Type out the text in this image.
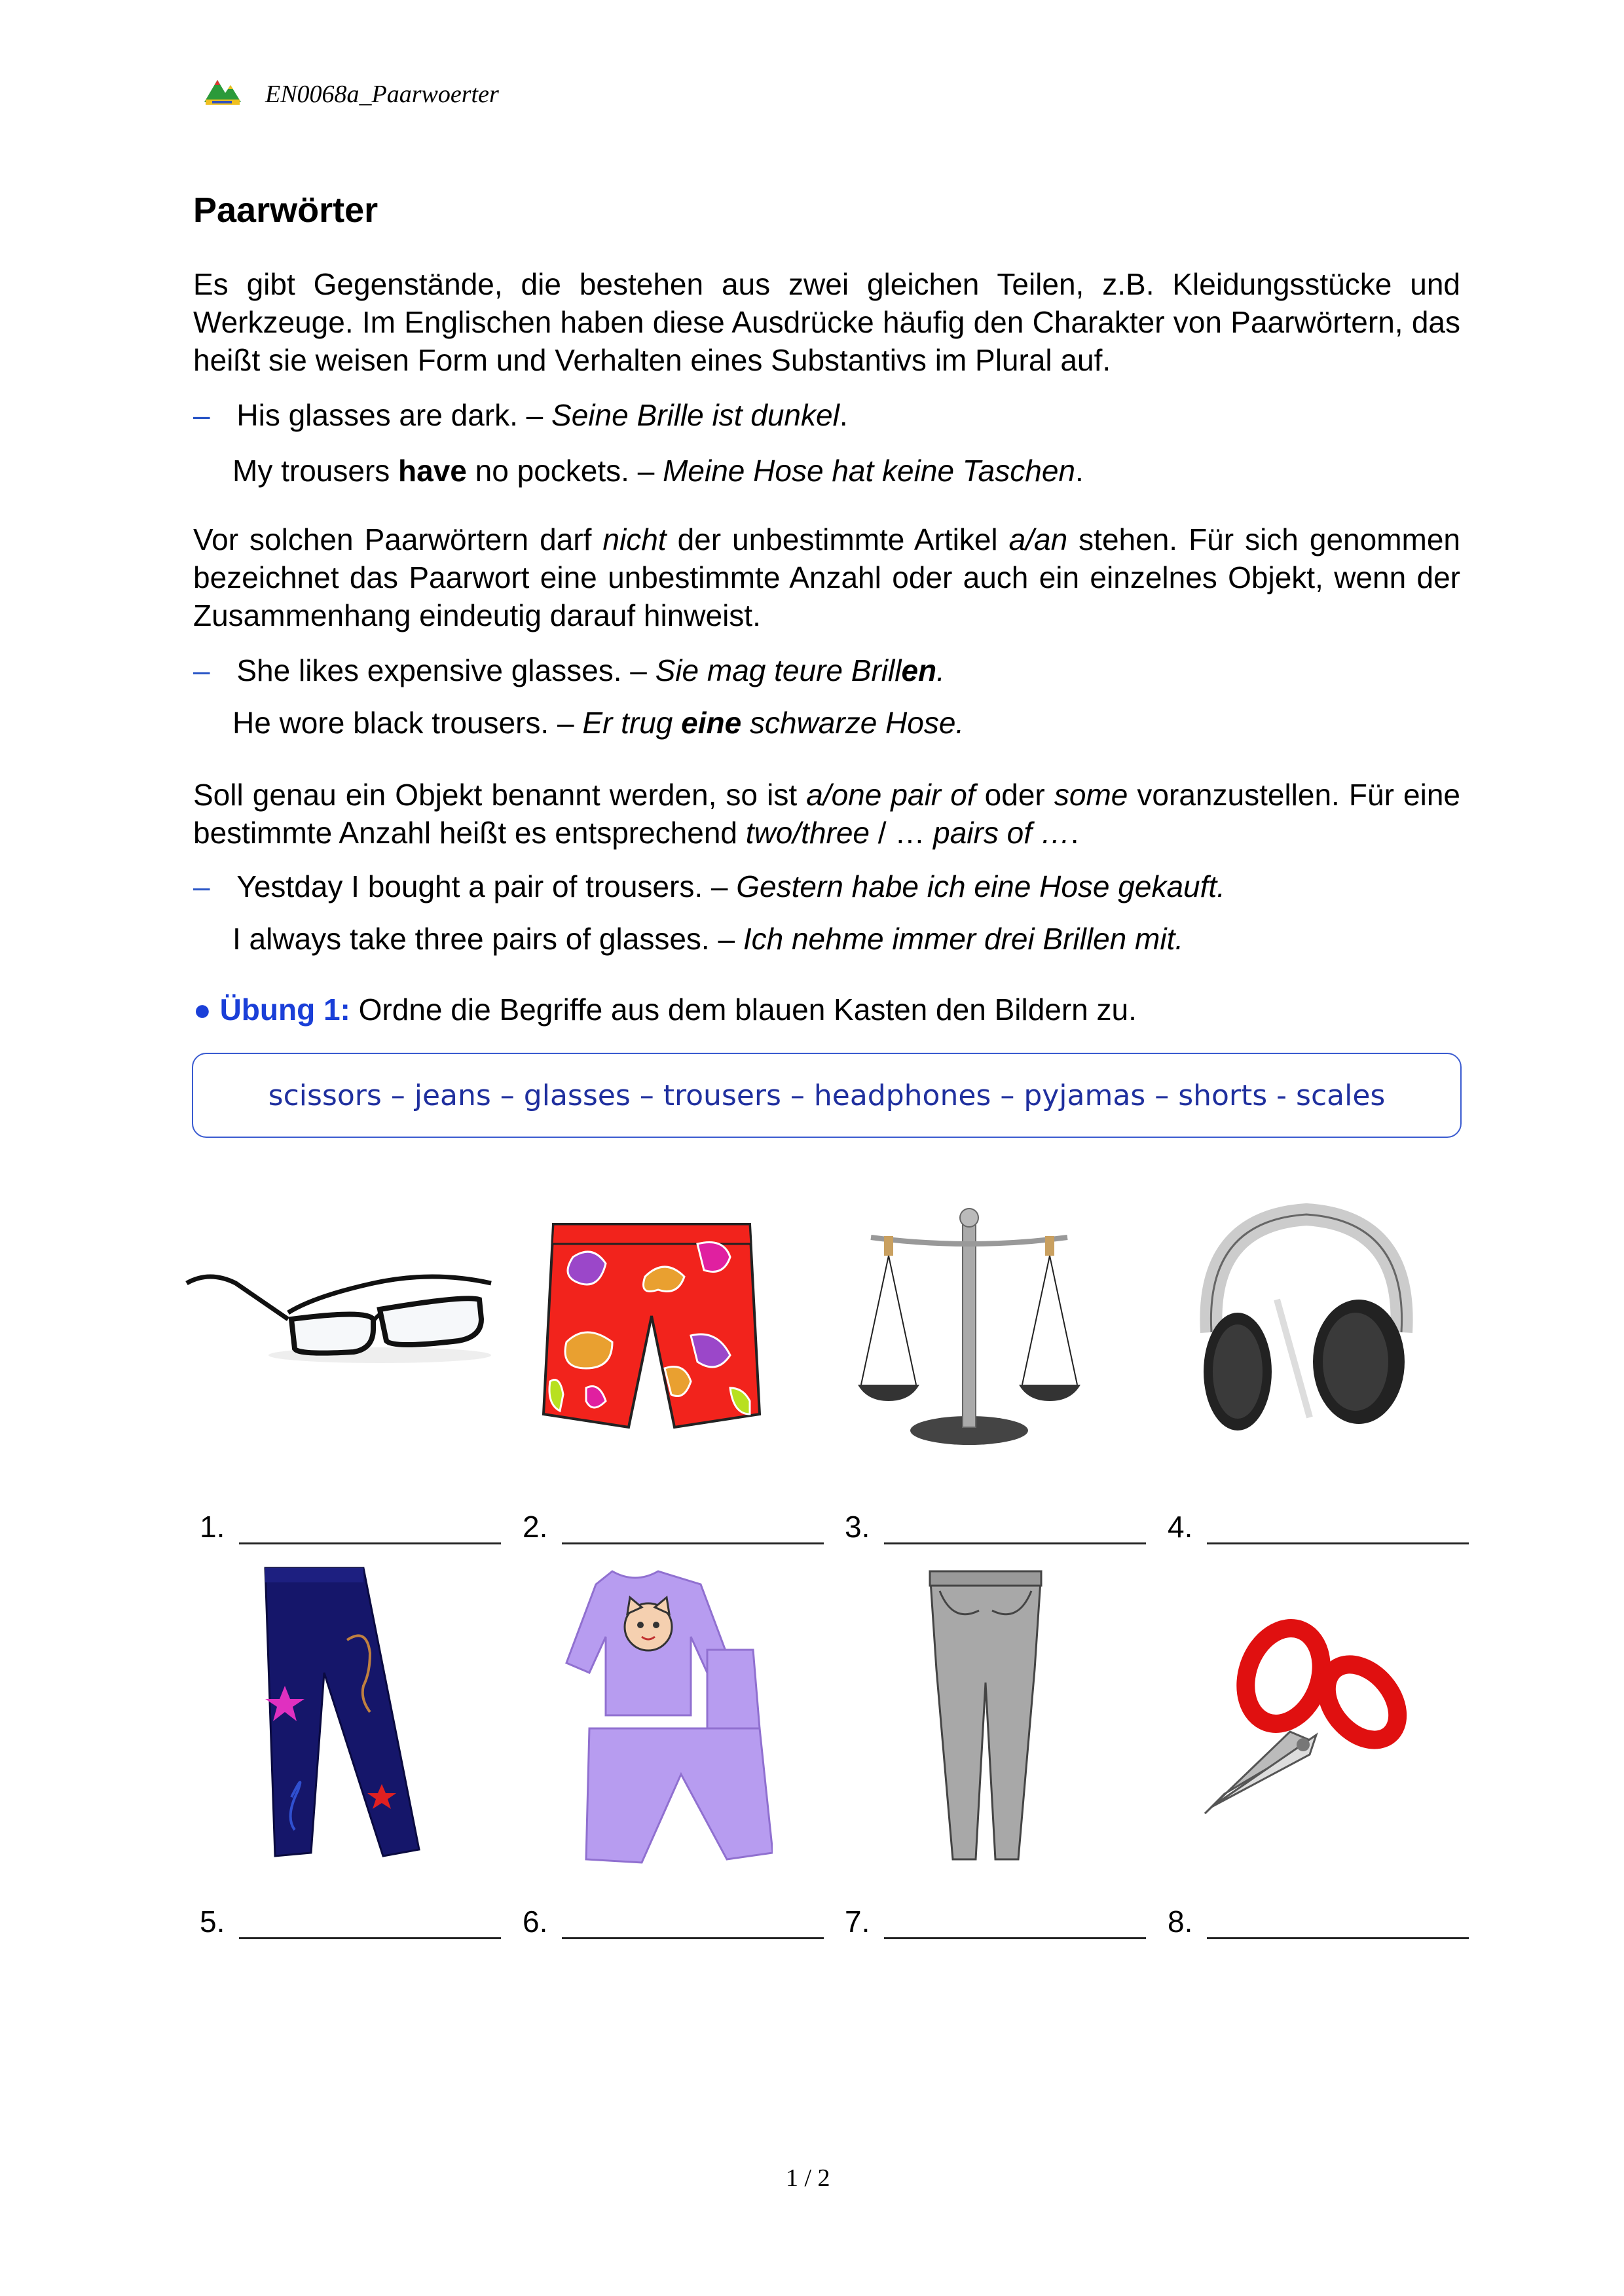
EN0068a_Paarwoerter
Paarwörter
Es gibt Gegenstände, die bestehen aus zwei gleichen Teilen, z.B. Kleidungsstücke und Werkzeuge. Im Englischen haben diese Ausdrücke häufig den Charakter von Paarwörtern, das heißt sie weisen Form und Verhalten eines Substantivs im Plural auf.
– His glasses are dark. – Seine Brille ist dunkel.
My trousers have no pockets. – Meine Hose hat keine Taschen.
Vor solchen Paarwörtern darf nicht der unbestimmte Artikel a/an stehen. Für sich genommen bezeichnet das Paarwort eine unbestimmte Anzahl oder auch ein einzelnes Objekt, wenn der Zusammenhang eindeutig darauf hinweist.
– She likes expensive glasses. – Sie mag teure Brillen.
He wore black trousers. – Er trug eine schwarze Hose.
Soll genau ein Objekt benannt werden, so ist a/one pair of oder some voranzustellen. Für eine bestimmte Anzahl heißt es entsprechend two/three / … pairs of ….
– Yestday I bought a pair of trousers. – Gestern habe ich eine Hose gekauft.
I always take three pairs of glasses. – Ich nehme immer drei Brillen mit.
● Übung 1: Ordne die Begriffe aus dem blauen Kasten den Bildern zu.
scissors – jeans – glasses – trousers – headphones – pyjamas – shorts - scales
1.	2.	3.	4.
5.	6.	7.	8.
1 / 2
